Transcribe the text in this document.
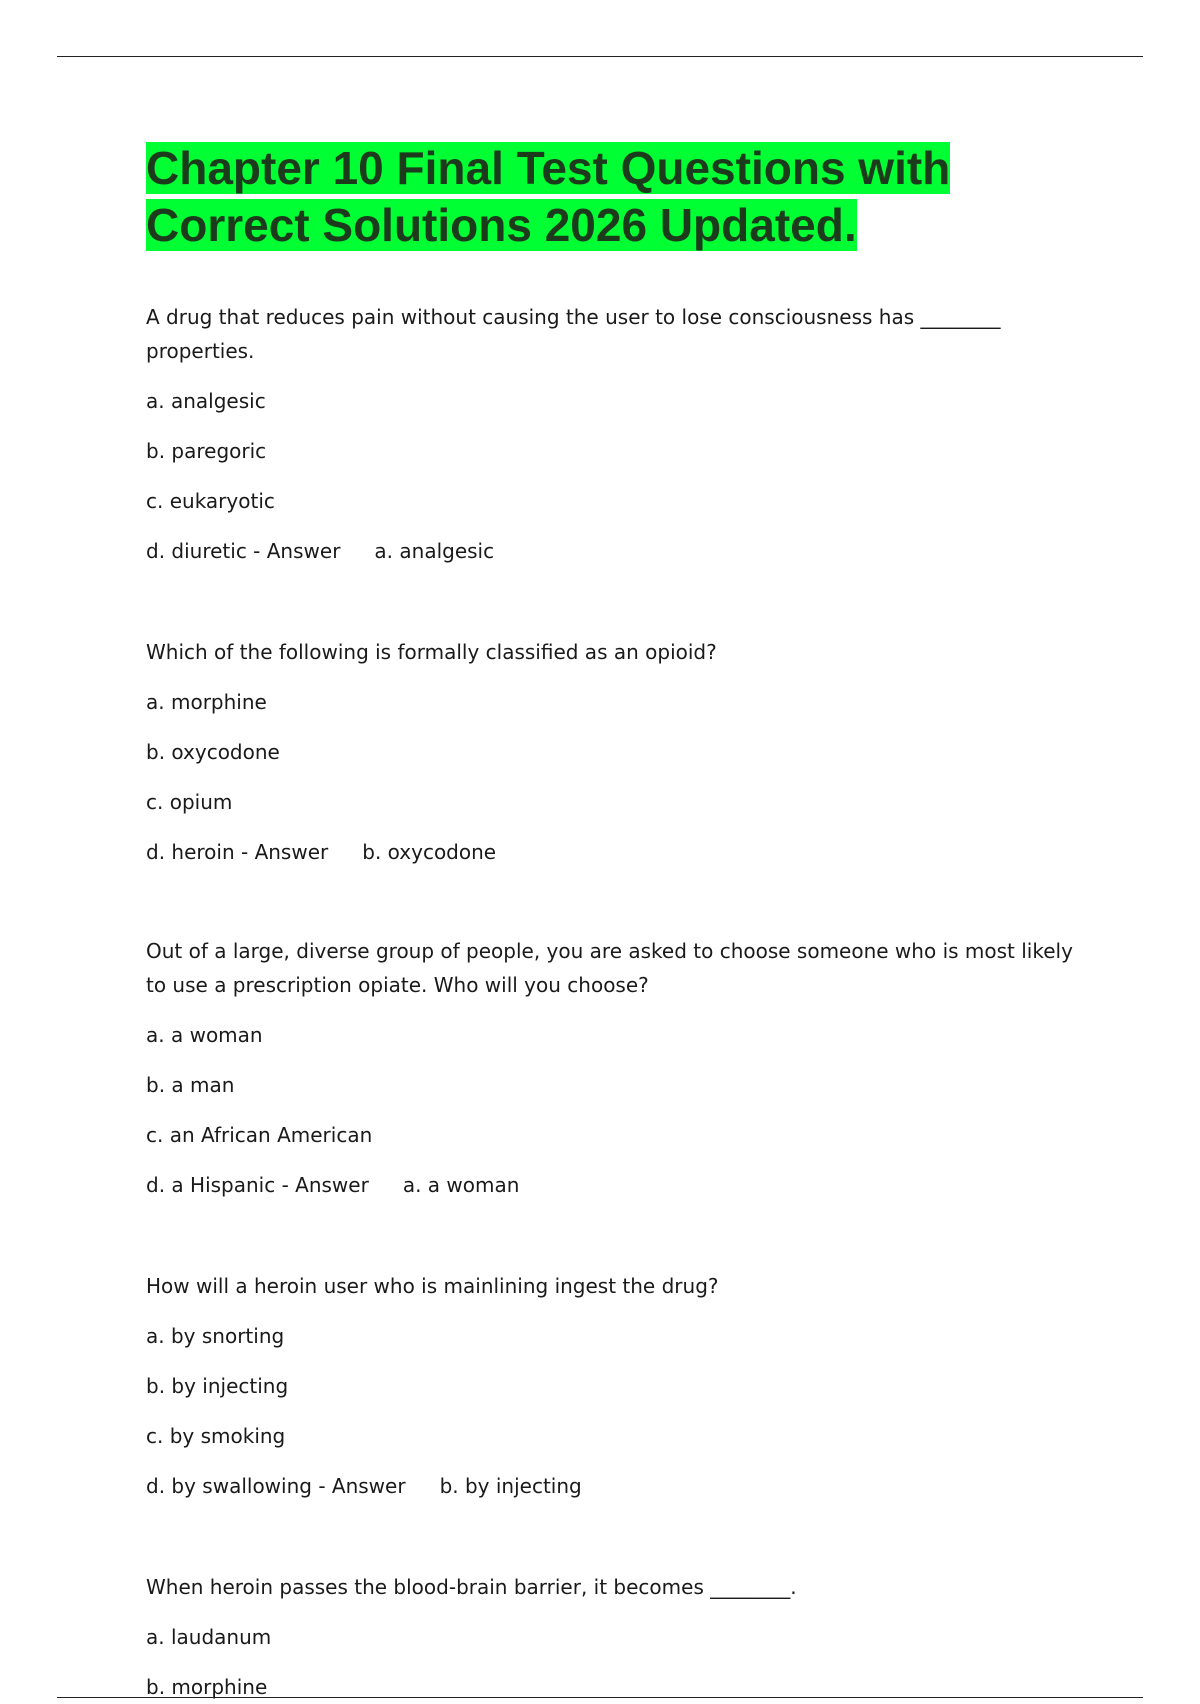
Chapter 10 Final Test Questions with Correct Solutions 2026 Updated.

A drug that reduces pain without causing the user to lose consciousness has ________ properties.

a. analgesic

b. paregoric

c. eukaryotic

d. diuretic - Answer a. analgesic

Which of the following is formally classified as an opioid?

a. morphine

b. oxycodone

c. opium

d. heroin - Answer b. oxycodone

Out of a large, diverse group of people, you are asked to choose someone who is most likely to use a prescription opiate. Who will you choose?

a. a woman

b. a man

c. an African American

d. a Hispanic - Answer a. a woman

How will a heroin user who is mainlining ingest the drug?

a. by snorting

b. by injecting

c. by smoking

d. by swallowing - Answer b. by injecting

When heroin passes the blood-brain barrier, it becomes ________.

a. laudanum

b. morphine
